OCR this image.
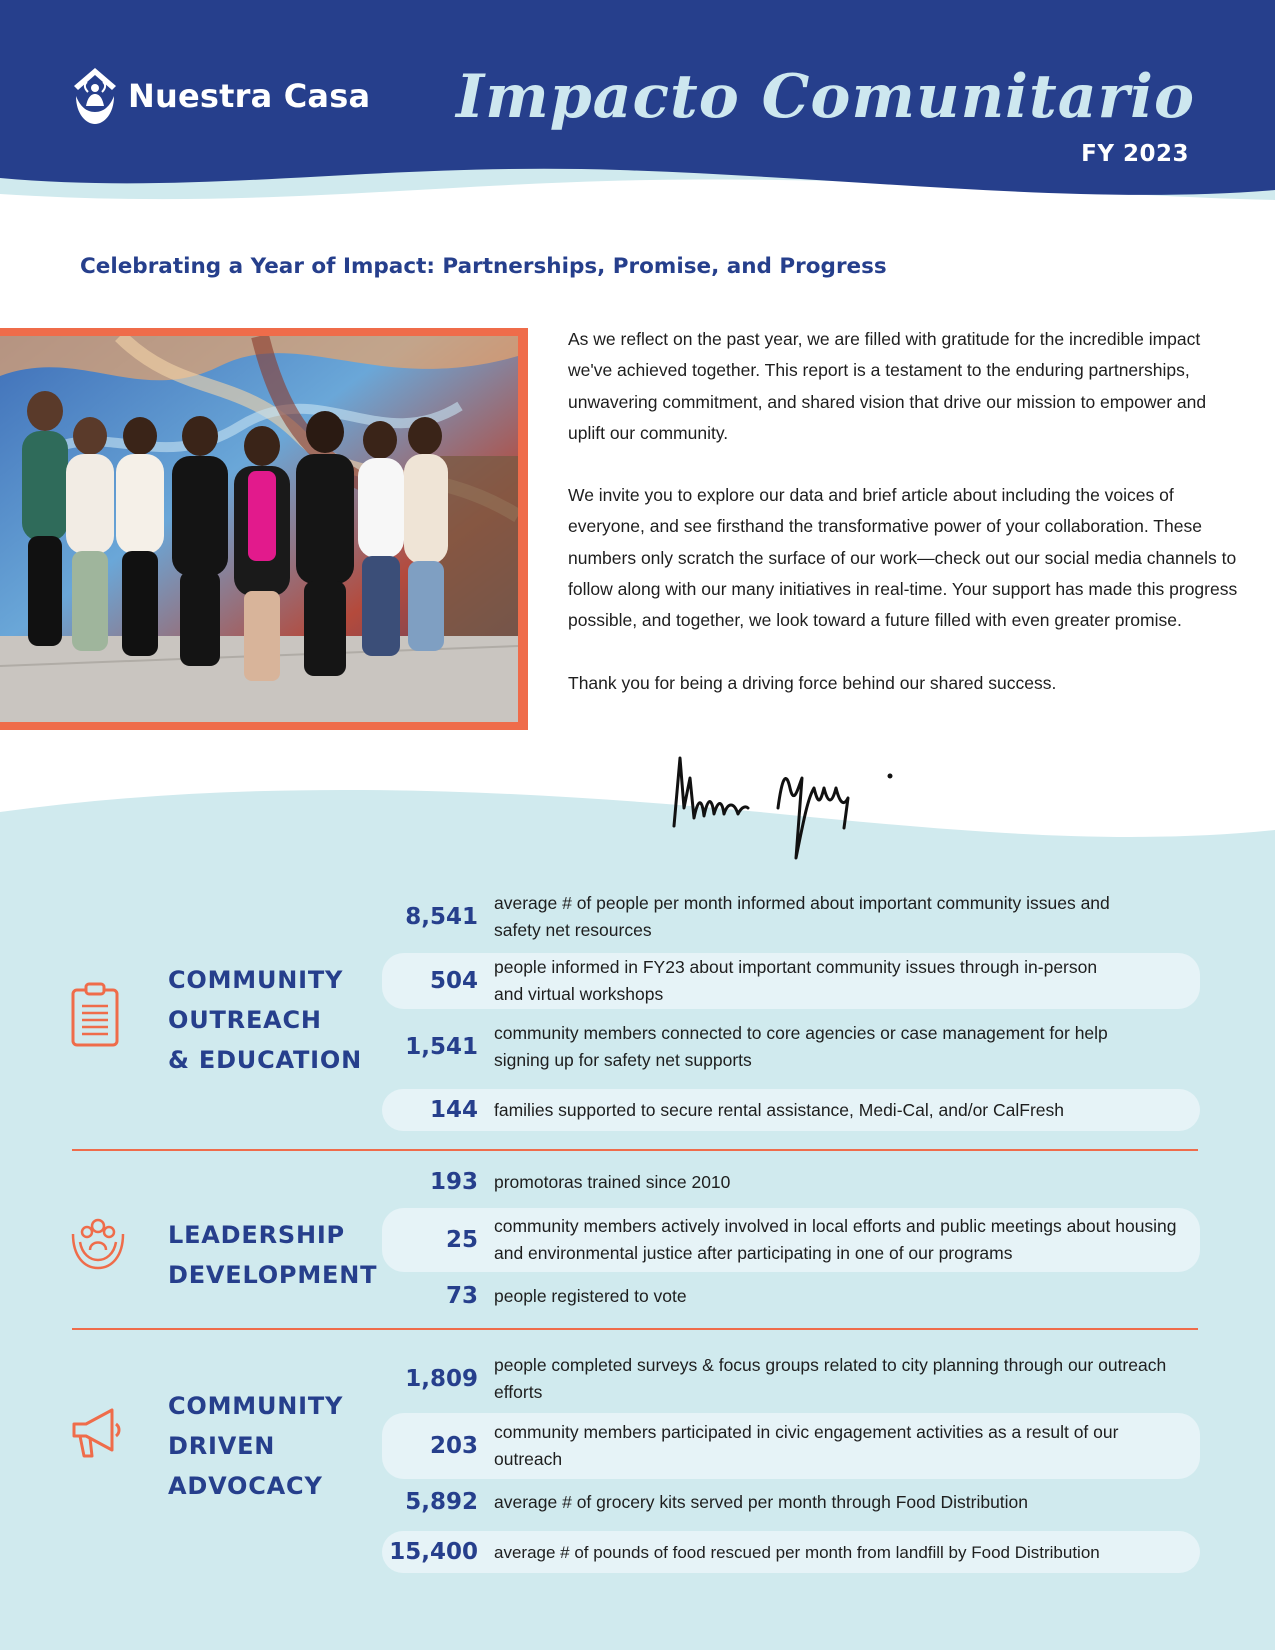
Nuestra Casa Impacto Comunitario
FY 2023
Celebrating a Year of Impact: Partnerships, Promise, and Progress

As we reflect on the past year, we are filled with gratitude for the incredible impact we've achieved together. This report is a testament to the enduring partnerships, unwavering commitment, and shared vision that drive our mission to empower and uplift our community.

We invite you to explore our data and brief article about including the voices of everyone, and see firsthand the transformative power of your collaboration. These numbers only scratch the surface of our work—check out our social media channels to follow along with our many initiatives in real-time. Your support has made this progress possible, and together, we look toward a future filled with even greater promise.

Thank you for being a driving force behind our shared success.

COMMUNITY
OUTREACH
& EDUCATION
8,541
average # of people per month informed about important community issues and safety net resources
504
people informed in FY23 about important community issues through in-person and virtual workshops
1,541
community members connected to core agencies or case management for help signing up for safety net supports
144 families supported to secure rental assistance, Medi-Cal, and/or CalFresh
LEADERSHIP
DEVELOPMENT
193 promotoras trained since 2010
25
community members actively involved in local efforts and public meetings about housing and environmental justice after participating in one of our programs
73 people registered to vote
COMMUNITY
DRIVEN
ADVOCACY
1,809
people completed surveys & focus groups related to city planning through our outreach efforts
203
community members participated in civic engagement activities as a result of our outreach
5,892 average # of grocery kits served per month through Food Distribution
15,400 average # of pounds of food rescued per month from landfill by Food Distribution
